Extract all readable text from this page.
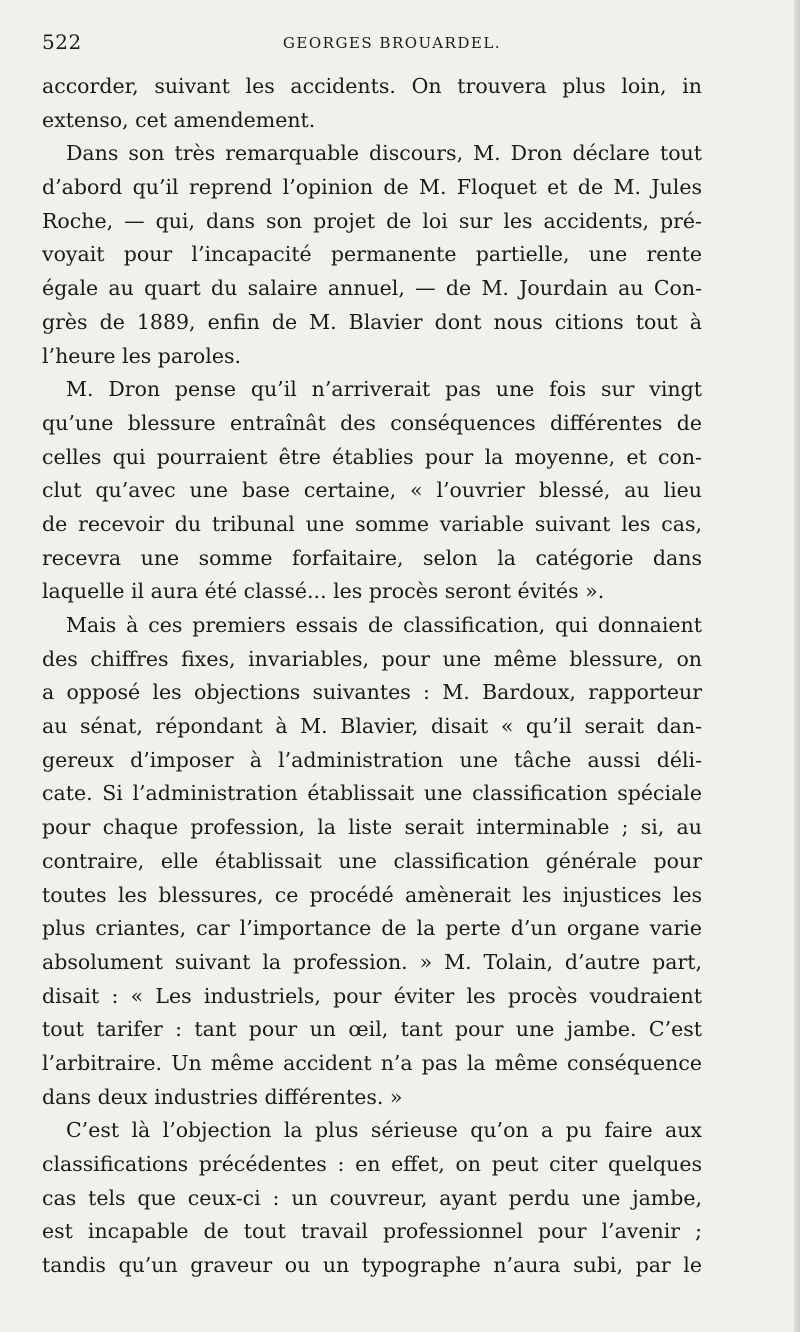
522	GEORGES BROUARDEL.
accorder, suivant les accidents. On trouvera plus loin, in
extenso, cet amendement.
Dans son très remarquable discours, M. Dron déclare tout
d’abord qu’il reprend l’opinion de M. Floquet et de M. Jules
Roche, — qui, dans son projet de loi sur les accidents, pré-
voyait pour l’incapacité permanente partielle, une rente
égale au quart du salaire annuel, — de M. Jourdain au Con-
grès de 1889, enfin de M. Blavier dont nous citions tout à
l’heure les paroles.
M. Dron pense qu’il n’arriverait pas une fois sur vingt
qu’une blessure entraînât des conséquences différentes de
celles qui pourraient être établies pour la moyenne, et con-
clut qu’avec une base certaine, « l’ouvrier blessé, au lieu
de recevoir du tribunal une somme variable suivant les cas,
recevra une somme forfaitaire, selon la catégorie dans
laquelle il aura été classé... les procès seront évités ».
Mais à ces premiers essais de classification, qui donnaient
des chiffres fixes, invariables, pour une même blessure, on
a opposé les objections suivantes : M. Bardoux, rapporteur
au sénat, répondant à M. Blavier, disait « qu’il serait dan-
gereux d’imposer à l’administration une tâche aussi déli-
cate. Si l’administration établissait une classification spéciale
pour chaque profession, la liste serait interminable ; si, au
contraire, elle établissait une classification générale pour
toutes les blessures, ce procédé amènerait les injustices les
plus criantes, car l’importance de la perte d’un organe varie
absolument suivant la profession. » M. Tolain, d’autre part,
disait : « Les industriels, pour éviter les procès voudraient
tout tarifer : tant pour un œil, tant pour une jambe. C’est
l’arbitraire. Un même accident n’a pas la même conséquence
dans deux industries différentes. »
C’est là l’objection la plus sérieuse qu’on a pu faire aux
classifications précédentes : en effet, on peut citer quelques
cas tels que ceux-ci : un couvreur, ayant perdu une jambe,
est incapable de tout travail professionnel pour l’avenir ;
tandis qu’un graveur ou un typographe n’aura subi, par le
